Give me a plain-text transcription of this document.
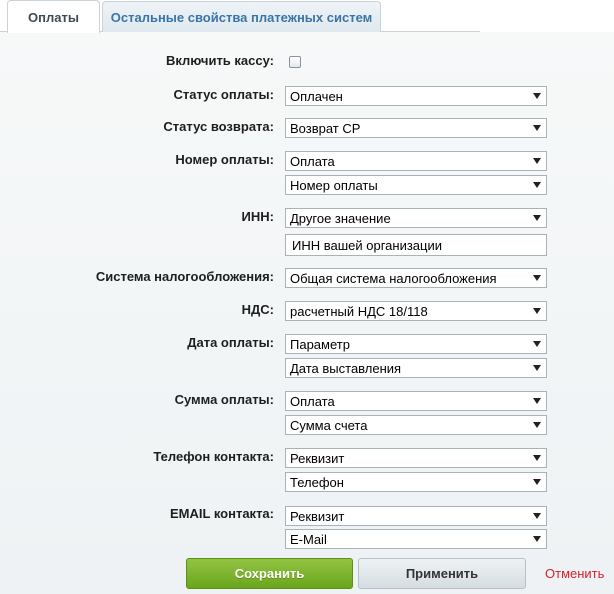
Оплаты Остальные свойства платежных систем
Включить кассу:
Статус оплаты: Оплачен
Статус возврата: Возврат СР
Номер оплаты: Оплата
Номер оплаты
ИНН: Другое значение
ИНН вашей организации
Система налогообложения: Общая система налогообложения
НДС: расчетный НДС 18/118
Дата оплаты: Параметр
Дата выставления
Сумма оплаты: Оплата
Сумма счета
Телефон контакта: Реквизит
Телефон
EMAIL контакта: Реквизит
E-Mail
Сохранить	Применить	Отменить
